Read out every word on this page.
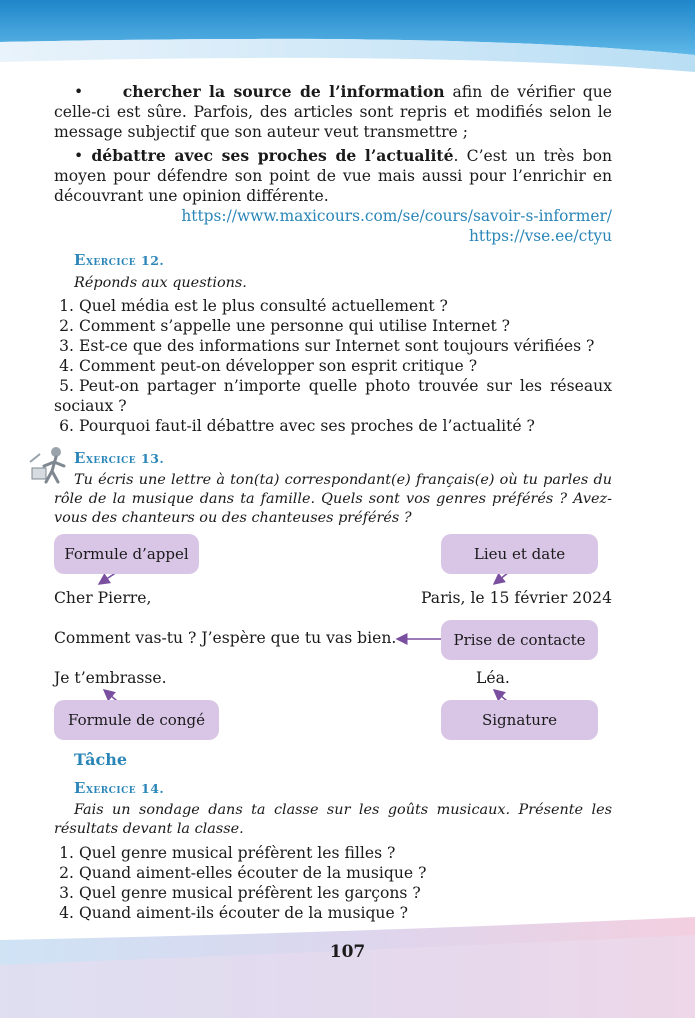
•	chercher la source de l’information afin de vérifier que celle-ci est sûre. Parfois, des articles sont repris et modifiés selon le message subjectif que son auteur veut transmettre ;

• débattre avec ses proches de l’actualité. C’est un très bon moyen pour défendre son point de vue mais aussi pour l’enrichir en découvrant une opinion différente.

https://www.maxicours.com/se/cours/savoir-s-informer/

https://vse.ee/ctyu

Exercice 12.

Réponds aux questions.

1. Quel média est le plus consulté actuellement ?
2. Comment s’appelle une personne qui utilise Internet ?
3. Est-ce que des informations sur Internet sont toujours vérifiées ?
4. Comment peut-on développer son esprit critique ?
5. Peut-on partager n’importe quelle photo trouvée sur les réseaux sociaux ?
6. Pourquoi faut-il débattre avec ses proches de l’actualité ?

Exercice 13.

Tu écris une lettre à ton(ta) correspondant(e) français(e) où tu parles du rôle de la musique dans ta famille. Quels sont vos genres préférés ? Avez-vous des chanteurs ou des chanteuses préférés ?

Formule d’appel	Lieu et date
Cher Pierre,	Paris, le 15 février 2024
Comment vas-tu ? J’espère que tu vas bien.	Prise de contacte
Je t’embrasse.	Léa.
Formule de congé	Signature

Tâche

Exercice 14.

Fais un sondage dans ta classe sur les goûts musicaux. Présente les résultats devant la classe.

1. Quel genre musical préfèrent les filles ?
2. Quand aiment-elles écouter de la musique ?
3. Quel genre musical préfèrent les garçons ?
4. Quand aiment-ils écouter de la musique ?
107
